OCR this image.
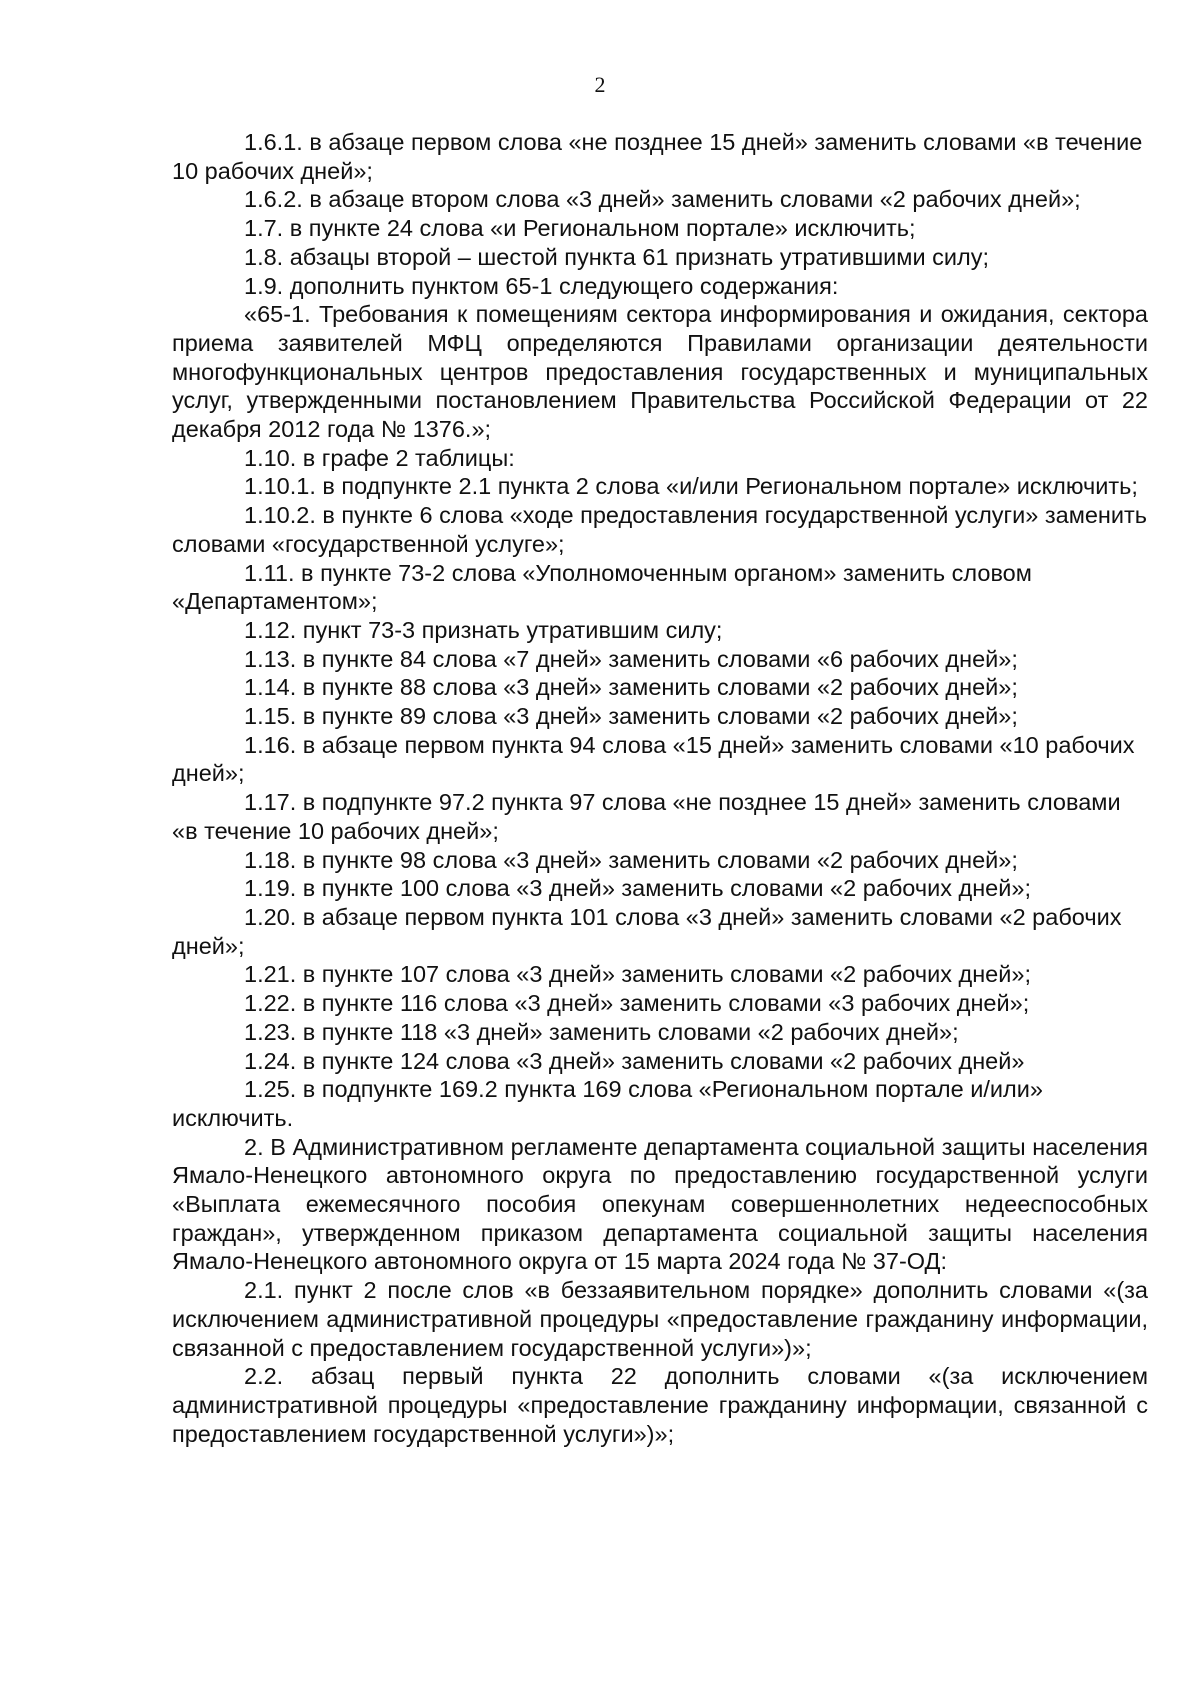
2

1.6.1. в абзаце первом слова «не позднее 15 дней» заменить словами «в течение 10 рабочих дней»;

1.6.2. в абзаце втором слова «3 дней» заменить словами «2 рабочих дней»;

1.7. в пункте 24 слова «и Региональном портале» исключить;

1.8. абзацы второй – шестой пункта 61 признать утратившими силу;

1.9. дополнить пунктом 65-1 следующего содержания:

«65-1. Требования к помещениям сектора информирования и ожидания, сектора приема заявителей МФЦ определяются Правилами организации деятельности многофункциональных центров предоставления государственных и муниципальных услуг, утвержденными постановлением Правительства Российской Федерации от 22 декабря 2012 года № 1376.»;

1.10. в графе 2 таблицы:

1.10.1. в подпункте 2.1 пункта 2 слова «и/или Региональном портале» исключить;

1.10.2. в пункте 6 слова «ходе предоставления государственной услуги» заменить словами «государственной услуге»;

1.11. в пункте 73-2 слова «Уполномоченным органом» заменить словом «Департаментом»;

1.12. пункт 73-3 признать утратившим силу;

1.13. в пункте 84 слова «7 дней» заменить словами «6 рабочих дней»;

1.14. в пункте 88 слова «3 дней» заменить словами «2 рабочих дней»;

1.15. в пункте 89 слова «3 дней» заменить словами «2 рабочих дней»;

1.16. в абзаце первом пункта 94 слова «15 дней» заменить словами «10 рабочих дней»;

1.17. в подпункте 97.2 пункта 97 слова «не позднее 15 дней» заменить словами «в течение 10 рабочих дней»;

1.18. в пункте 98 слова «3 дней» заменить словами «2 рабочих дней»;

1.19. в пункте 100 слова «3 дней» заменить словами «2 рабочих дней»;

1.20. в абзаце первом пункта 101 слова «3 дней» заменить словами «2 рабочих дней»;

1.21. в пункте 107 слова «3 дней» заменить словами «2 рабочих дней»;

1.22. в пункте 116 слова «3 дней» заменить словами «3 рабочих дней»;

1.23. в пункте 118 «3 дней» заменить словами «2 рабочих дней»;

1.24. в пункте 124 слова «3 дней» заменить словами «2 рабочих дней»

1.25. в подпункте 169.2 пункта 169 слова «Региональном портале и/или» исключить.

2. В Административном регламенте департамента социальной защиты населения Ямало-Ненецкого автономного округа по предоставлению государственной услуги «Выплата ежемесячного пособия опекунам совершеннолетних недееспособных граждан», утвержденном приказом департамента социальной защиты населения Ямало-Ненецкого автономного округа от 15 марта 2024 года № 37-ОД:

2.1. пункт 2 после слов «в беззаявительном порядке» дополнить словами «(за исключением административной процедуры «предоставление гражданину информации, связанной с предоставлением государственной услуги»)»;

2.2. абзац первый пункта 22 дополнить словами «(за исключением административной процедуры «предоставление гражданину информации, связанной с предоставлением государственной услуги»)»;
